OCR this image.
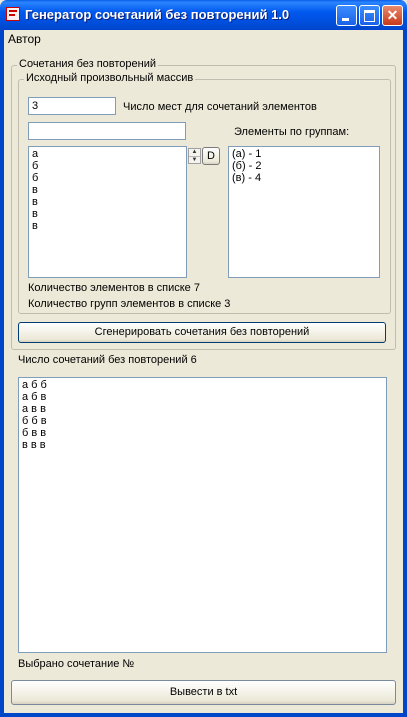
Генератор сочетаний без повторений 1.0	✕
Автор
Сочетания без повторений
Исходный произвольный массив
3
Число мест для сочетаний элементов
Элементы по группам:
а
б
б
в
в
в
в
▲
▼ D	(а) - 1
(б) - 2
(в) - 4
Количество элементов в списке 7
Количество групп элементов в списке 3
Сгенерировать сочетания без повторений
Число сочетаний без повторений 6
а б б
а б в
а в в
б б в
б в в
в в в
Выбрано сочетание №
Вывести в txt
